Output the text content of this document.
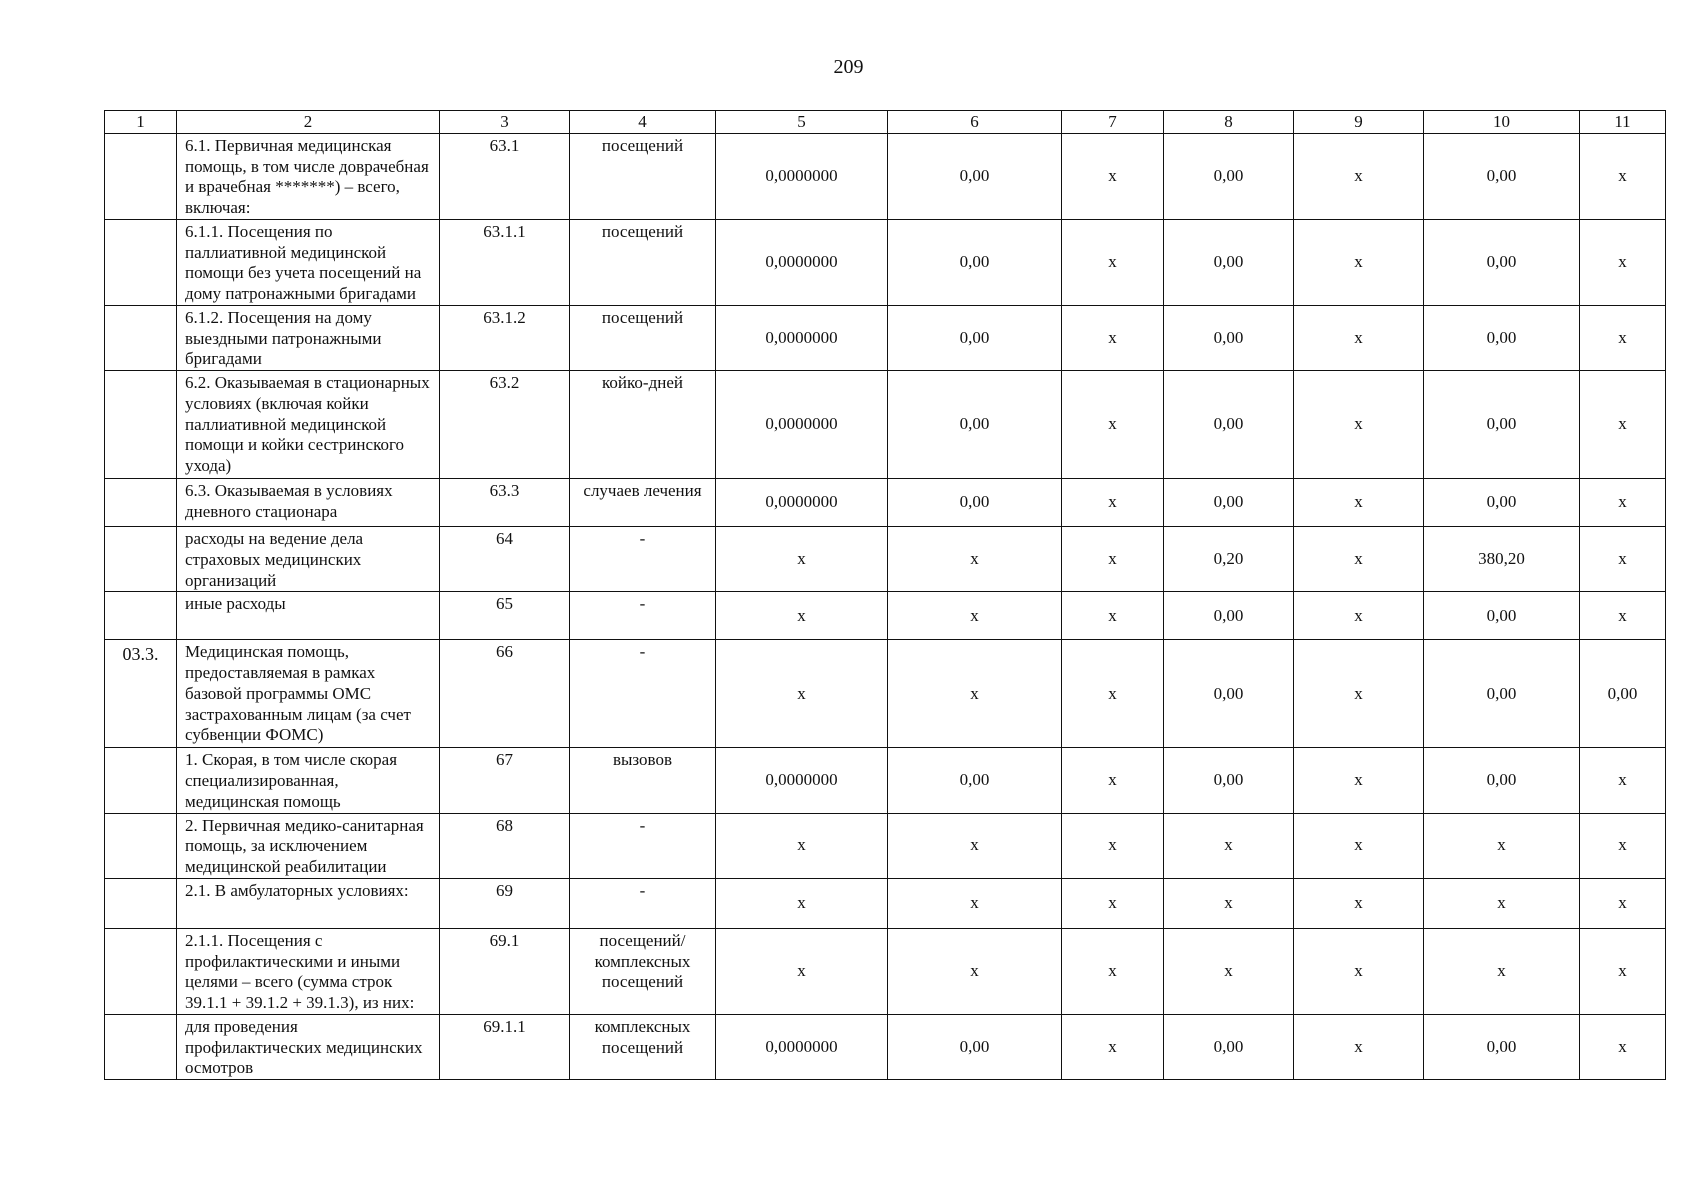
209
1	2	3	4	5	6	7	8	9	10	11
	6.1. Первичная медицинская помощь, в том числе доврачебная и врачебная *******) – всего, включая:	63.1	посещений	0,0000000	0,00	х	0,00	х	0,00	х
	6.1.1. Посещения по паллиативной медицинской помощи без учета посещений на дому патронажными бригадами	63.1.1	посещений	0,0000000	0,00	х	0,00	х	0,00	х
	6.1.2. Посещения на дому выездными патронажными бригадами	63.1.2	посещений	0,0000000	0,00	х	0,00	х	0,00	х
	6.2. Оказываемая в стационарных условиях (включая койки паллиативной медицинской помощи и койки сестринского ухода)	63.2	койко-дней	0,0000000	0,00	х	0,00	х	0,00	х
	6.3. Оказываемая в условиях дневного стационара	63.3	случаев лечения	0,0000000	0,00	х	0,00	х	0,00	х
	расходы на ведение дела страховых медицинских организаций	64	-	х	х	х	0,20	х	380,20	х
	иные расходы	65	-	х	х	х	0,00	х	0,00	х
03.3.	Медицинская помощь, предоставляемая в рамках базовой программы ОМС застрахованным лицам (за счет субвенции ФОМС)	66	-	х	х	х	0,00	х	0,00	0,00
	1. Скорая, в том числе скорая специализированная, медицинская помощь	67	вызовов	0,0000000	0,00	х	0,00	х	0,00	х
	2. Первичная медико-санитарная помощь, за исключением медицинской реабилитации	68	-	х	х	х	х	х	х	х
	2.1. В амбулаторных условиях:	69	-	х	х	х	х	х	х	х
	2.1.1. Посещения с профилактическими и иными целями – всего (сумма строк 39.1.1 + 39.1.2 + 39.1.3), из них:	69.1	посещений/ комплексных посещений	х	х	х	х	х	х	х
	для проведения профилактических медицинских осмотров	69.1.1	комплексных посещений	0,0000000	0,00	х	0,00	х	0,00	х
